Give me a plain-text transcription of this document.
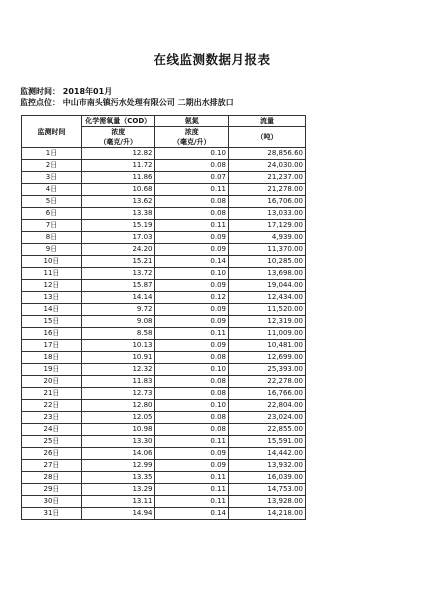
在线监测数据月报表
监测时间： 2018年01月
监控点位： 中山市南头镇污水处理有限公司 二期出水排放口
监测时间	化学需氧量（COD）	氨氮	流量
	浓度	浓度	（吨）
	（毫克/升）	（毫克/升）	
1日	12.82	0.10	28,856.60
2日	11.72	0.08	24,030.00
3日	11.86	0.07	21,237.00
4日	10.68	0.11	21,278.00
5日	13.62	0.08	16,706.00
6日	13.38	0.08	13,033.00
7日	15.19	0.11	17,129.00
8日	17.03	0.09	4,939.00
9日	24.20	0.09	11,370.00
10日	15.21	0.14	10,285.00
11日	13.72	0.10	13,698.00
12日	15.87	0.09	19,044.00
13日	14.14	0.12	12,434.00
14日	9.72	0.09	11,520.00
15日	9.08	0.09	12,319.00
16日	8.58	0.11	11,009.00
17日	10.13	0.09	10,481.00
18日	10.91	0.08	12,699.00
19日	12.32	0.10	25,393.00
20日	11.83	0.08	22,278.00
21日	12.73	0.08	16,766.00
22日	12.80	0.10	22,804.00
23日	12.05	0.08	23,024.00
24日	10.98	0.08	22,855.00
25日	13.30	0.11	15,591.00
26日	14.06	0.09	14,442.00
27日	12.99	0.09	13,932.00
28日	13.35	0.11	16,039.00
29日	13.29	0.11	14,753.00
30日	13.11	0.11	13,928.00
31日	14.94	0.14	14,218.00
